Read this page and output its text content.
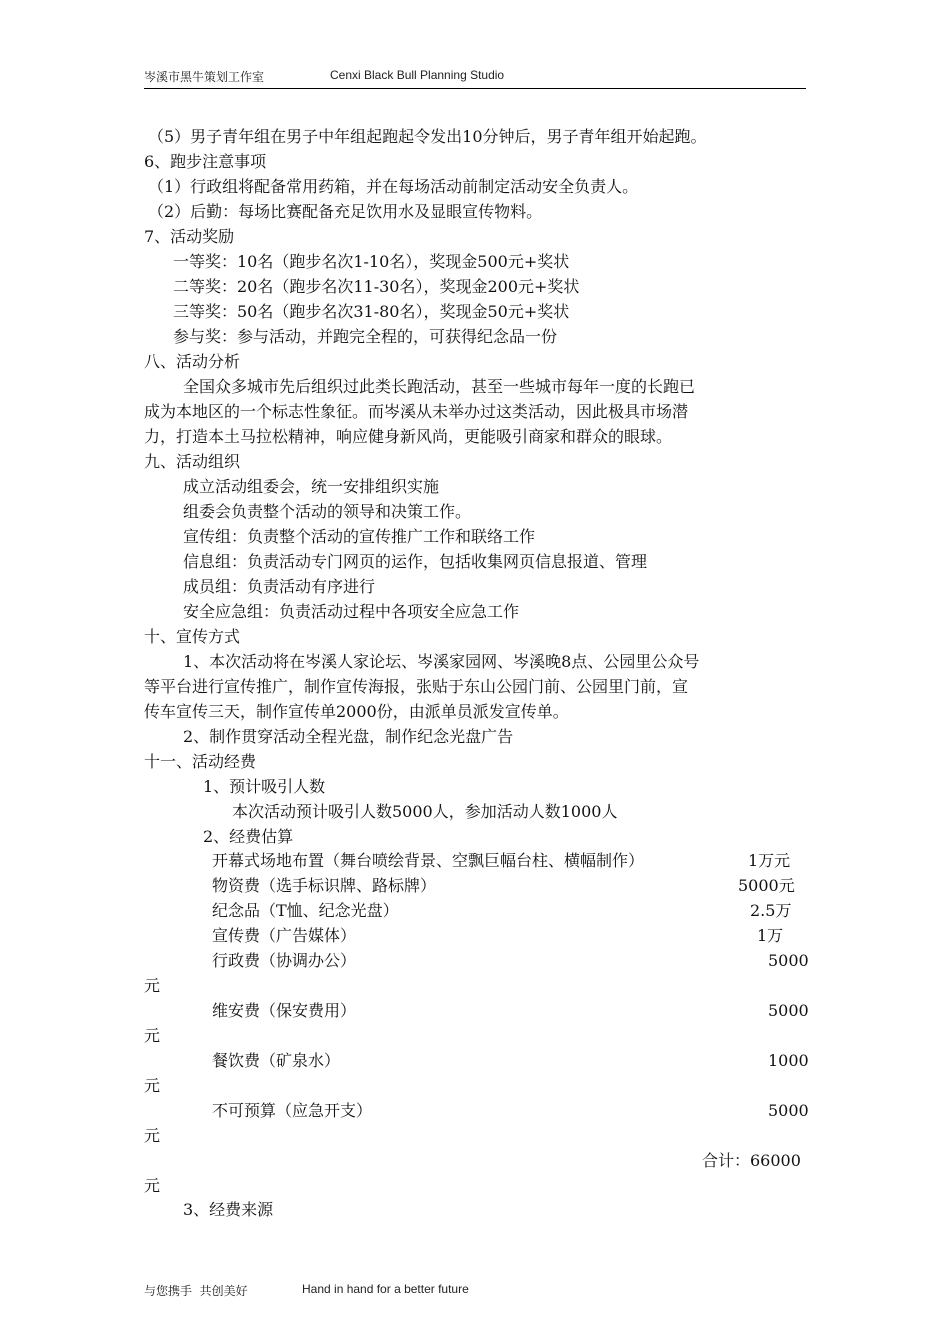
岑溪市黑牛策划工作室	Cenxi Black Bull Planning Studio
（5）男子青年组在男子中年组起跑起令发出10分钟后，男子青年组开始起跑。
6、跑步注意事项
（1）行政组将配备常用药箱，并在每场活动前制定活动安全负责人。
（2）后勤：每场比赛配备充足饮用水及显眼宣传物料。
7、活动奖励
一等奖：10名（跑步名次1-10名），奖现金500元+奖状
二等奖：20名（跑步名次11-30名），奖现金200元+奖状
三等奖：50名（跑步名次31-80名），奖现金50元+奖状
参与奖：参与活动，并跑完全程的，可获得纪念品一份
八、活动分析
全国众多城市先后组织过此类长跑活动，甚至一些城市每年一度的长跑已
成为本地区的一个标志性象征。而岑溪从未举办过这类活动，因此极具市场潜
力，打造本土马拉松精神，响应健身新风尚，更能吸引商家和群众的眼球。
九、活动组织
成立活动组委会，统一安排组织实施
组委会负责整个活动的领导和决策工作。
宣传组：负责整个活动的宣传推广工作和联络工作
信息组：负责活动专门网页的运作，包括收集网页信息报道、管理
成员组：负责活动有序进行
安全应急组：负责活动过程中各项安全应急工作
十、宣传方式
1、本次活动将在岑溪人家论坛、岑溪家园网、岑溪晚8点、公园里公众号
等平台进行宣传推广，制作宣传海报，张贴于东山公园门前、公园里门前，宣
传车宣传三天，制作宣传单2000份，由派单员派发宣传单。
2、制作贯穿活动全程光盘，制作纪念光盘广告
十一、活动经费
1、预计吸引人数
本次活动预计吸引人数5000人，参加活动人数1000人
2、经费估算
开幕式场地布置（舞台喷绘背景、空飘巨幅台柱、横幅制作）	1万元
物资费（选手标识牌、路标牌）	5000元
纪念品（T恤、纪念光盘）	2.5万
宣传费（广告媒体）	1万
行政费（协调办公）	5000
元
维安费（保安费用）	5000
元
餐饮费（矿泉水）	1000
元
不可预算（应急开支）	5000
元
合计：66000
元
3、经费来源
与您携手  共创美好	Hand in hand for a better future
